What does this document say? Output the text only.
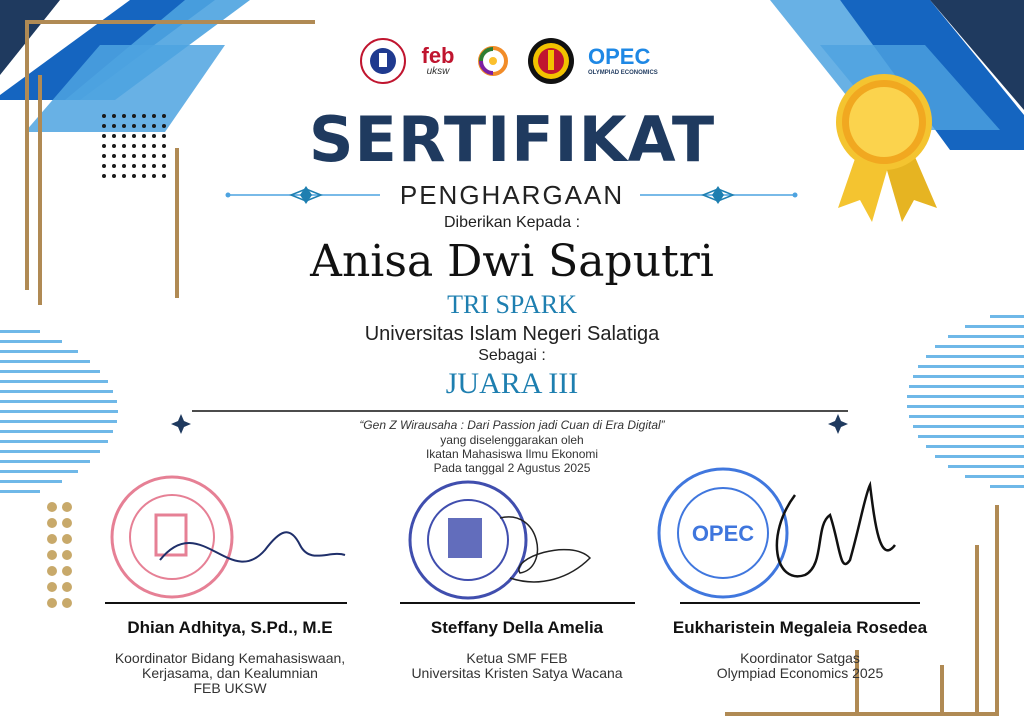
feb
uksw
OPEC
OLYMPIAD ECONOMICS
SERTIFIKAT
PENGHARGAAN
Diberikan Kepada :
Anisa Dwi Saputri
TRI SPARK
Universitas Islam Negeri Salatiga
Sebagai :
JUARA III
“Gen Z Wirausaha : Dari Passion jadi Cuan di Era Digital”
yang diselenggarakan oleh
Ikatan Mahasiswa Ilmu Ekonomi
Pada tanggal 2 Agustus 2025
OPEC
Dhian Adhitya, S.Pd., M.E	Steffany Della Amelia	Eukharistein Megaleia Rosedea
Koordinator Bidang Kemahasiswaan,
Kerjasama, dan Kealumnian
FEB UKSW
Ketua SMF FEB
Universitas Kristen Satya Wacana
Koordinator Satgas
Olympiad Economics 2025
